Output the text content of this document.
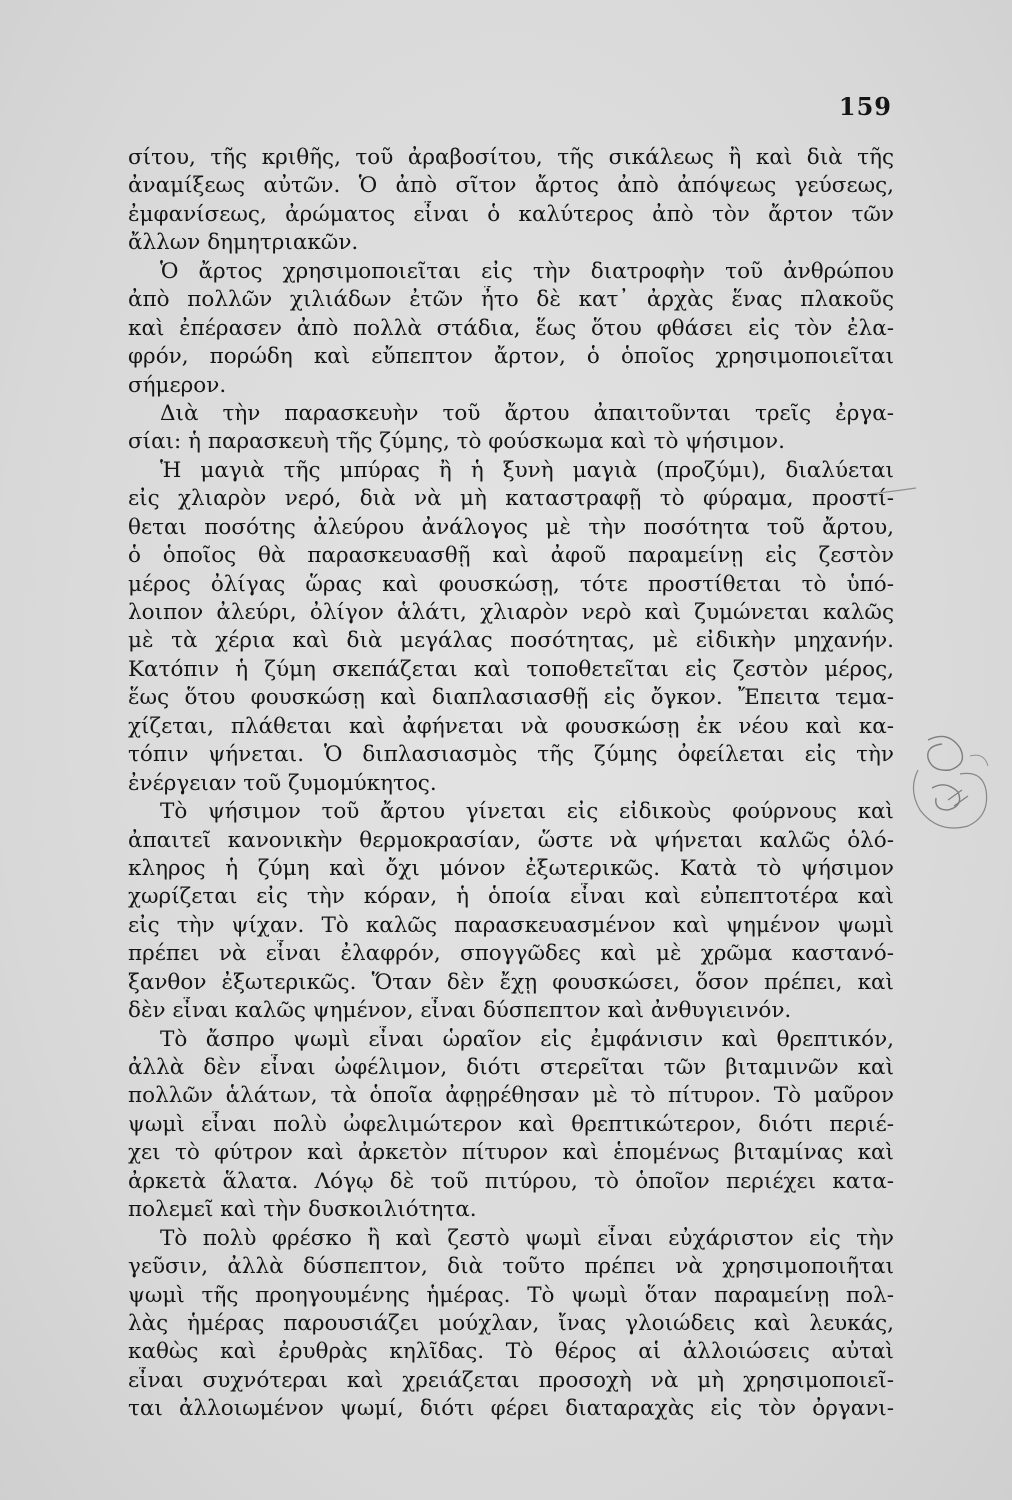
159
σίτου, τῆς κριθῆς, τοῦ ἀραβοσίτου, τῆς σικάλεως ἢ καὶ διὰ τῆς
ἀναμίξεως αὐτῶν. Ὁ ἀπὸ σῖτον ἄρτος ἀπὸ ἀπόψεως γεύσεως,
ἐμφανίσεως, ἀρώματος εἶναι ὁ καλύτερος ἀπὸ τὸν ἄρτον τῶν
ἄλλων δημητριακῶν.
Ὁ ἄρτος χρησιμοποιεῖται εἰς τὴν διατροφὴν τοῦ ἀνθρώπου
ἀπὸ πολλῶν χιλιάδων ἐτῶν ἦτο δὲ κατ᾿ ἀρχὰς ἕνας πλακοῦς
καὶ ἐπέρασεν ἀπὸ πολλὰ στάδια, ἕως ὅτου φθάσει εἰς τὸν ἐλα-
φρόν, πορώδη καὶ εὔπεπτον ἄρτον, ὁ ὁποῖος χρησιμοποιεῖται
σήμερον.
Διὰ τὴν παρασκευὴν τοῦ ἄρτου ἀπαιτοῦνται τρεῖς ἐργα-
σίαι: ἡ παρασκευὴ τῆς ζύμης, τὸ φούσκωμα καὶ τὸ ψήσιμον.
Ἡ μαγιὰ τῆς μπύρας ἢ ἡ ξυνὴ μαγιὰ (προζύμι), διαλύεται
εἰς χλιαρὸν νερό, διὰ νὰ μὴ καταστραφῇ τὸ φύραμα, προστί-
θεται ποσότης ἀλεύρου ἀνάλογος μὲ τὴν ποσότητα τοῦ ἄρτου,
ὁ ὁποῖος θὰ παρασκευασθῇ καὶ ἀφοῦ παραμείνῃ εἰς ζεστὸν
μέρος ὀλίγας ὥρας καὶ φουσκώσῃ, τότε προστίθεται τὸ ὑπό-
λοιπον ἀλεύρι, ὀλίγον ἁλάτι, χλιαρὸν νερὸ καὶ ζυμώνεται καλῶς
μὲ τὰ χέρια καὶ διὰ μεγάλας ποσότητας, μὲ εἰδικὴν μηχανήν.
Κατόπιν ἡ ζύμη σκεπάζεται καὶ τοποθετεῖται εἰς ζεστὸν μέρος,
ἕως ὅτου φουσκώσῃ καὶ διαπλασιασθῇ εἰς ὄγκον. Ἔπειτα τεμα-
χίζεται, πλάθεται καὶ ἀφήνεται νὰ φουσκώσῃ ἐκ νέου καὶ κα-
τόπιν ψήνεται. Ὁ διπλασιασμὸς τῆς ζύμης ὀφείλεται εἰς τὴν
ἐνέργειαν τοῦ ζυμομύκητος.
Τὸ ψήσιμον τοῦ ἄρτου γίνεται εἰς εἰδικοὺς φούρνους καὶ
ἀπαιτεῖ κανονικὴν θερμοκρασίαν, ὥστε νὰ ψήνεται καλῶς ὁλό-
κληρος ἡ ζύμη καὶ ὄχι μόνον ἐξωτερικῶς. Κατὰ τὸ ψήσιμον
χωρίζεται εἰς τὴν κόραν, ἡ ὁποία εἶναι καὶ εὐπεπτοτέρα καὶ
εἰς τὴν ψίχαν. Τὸ καλῶς παρασκευασμένον καὶ ψημένον ψωμὶ
πρέπει νὰ εἶναι ἐλαφρόν, σπογγῶδες καὶ μὲ χρῶμα καστανό-
ξανθον ἐξωτερικῶς. Ὅταν δὲν ἔχῃ φουσκώσει, ὅσον πρέπει, καὶ
δὲν εἶναι καλῶς ψημένον, εἶναι δύσπεπτον καὶ ἀνθυγιεινόν.
Τὸ ἄσπρο ψωμὶ εἶναι ὡραῖον εἰς ἐμφάνισιν καὶ θρεπτικόν,
ἀλλὰ δὲν εἶναι ὠφέλιμον, διότι στερεῖται τῶν βιταμινῶν καὶ
πολλῶν ἁλάτων, τὰ ὁποῖα ἀφῃρέθησαν μὲ τὸ πίτυρον. Τὸ μαῦρον
ψωμὶ εἶναι πολὺ ὠφελιμώτερον καὶ θρεπτικώτερον, διότι περιέ-
χει τὸ φύτρον καὶ ἀρκετὸν πίτυρον καὶ ἑπομένως βιταμίνας καὶ
ἀρκετὰ ἅλατα. Λόγῳ δὲ τοῦ πιτύρου, τὸ ὁποῖον περιέχει κατα-
πολεμεῖ καὶ τὴν δυσκοιλιότητα.
Τὸ πολὺ φρέσκο ἢ καὶ ζεστὸ ψωμὶ εἶναι εὐχάριστον εἰς τὴν
γεῦσιν, ἀλλὰ δύσπεπτον, διὰ τοῦτο πρέπει νὰ χρησιμοποιῆται
ψωμὶ τῆς προηγουμένης ἡμέρας. Τὸ ψωμὶ ὅταν παραμείνῃ πολ-
λὰς ἡμέρας παρουσιάζει μούχλαν, ἴνας γλοιώδεις καὶ λευκάς,
καθὼς καὶ ἐρυθρὰς κηλῖδας. Τὸ θέρος αἱ ἀλλοιώσεις αὐταὶ
εἶναι συχνότεραι καὶ χρειάζεται προσοχὴ νὰ μὴ χρησιμοποιεῖ-
ται ἀλλοιωμένον ψωμί, διότι φέρει διαταραχὰς εἰς τὸν ὀργανι-
